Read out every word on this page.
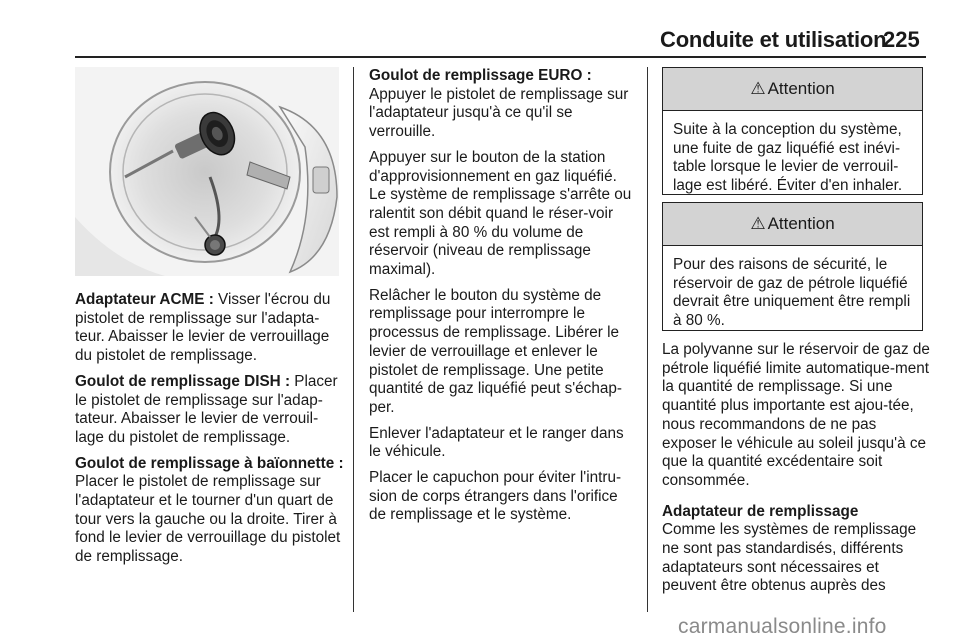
Conduite et utilisation
225

Adaptateur ACME : Visser l'écrou du pistolet de remplissage sur l'adapta-teur. Abaisser le levier de verrouillage du pistolet de remplissage.

Goulot de remplissage DISH : Placer le pistolet de remplissage sur l'adap-tateur. Abaisser le levier de verrouil-lage du pistolet de remplissage.

Goulot de remplissage à baïonnette : Placer le pistolet de remplissage sur l'adaptateur et le tourner d'un quart de tour vers la gauche ou la droite. Tirer à fond le levier de verrouillage du pistolet de remplissage.

Goulot de remplissage EURO :
Appuyer le pistolet de remplissage sur l'adaptateur jusqu'à ce qu'il se verrouille.

Appuyer sur le bouton de la station d'approvisionnement en gaz liquéfié. Le système de remplissage s'arrête ou ralentit son débit quand le réser-voir est rempli à 80 % du volume de réservoir (niveau de remplissage maximal).

Relâcher le bouton du système de remplissage pour interrompre le processus de remplissage. Libérer le levier de verrouillage et enlever le pistolet de remplissage. Une petite quantité de gaz liquéfié peut s'échap-per.

Enlever l'adaptateur et le ranger dans le véhicule.

Placer le capuchon pour éviter l'intru-sion de corps étrangers dans l'orifice de remplissage et le système.

⚠ Attention
Suite à la conception du système, une fuite de gaz liquéfié est inévi-table lorsque le levier de verrouil-lage est libéré. Éviter d'en inhaler.
⚠ Attention
Pour des raisons de sécurité, le réservoir de gaz de pétrole liquéfié devrait être uniquement être rempli à 80 %.

La polyvanne sur le réservoir de gaz de pétrole liquéfié limite automatique-ment la quantité de remplissage. Si une quantité plus importante est ajou-tée, nous recommandons de ne pas exposer le véhicule au soleil jusqu'à ce que la quantité excédentaire soit consommée.

Adaptateur de remplissage
Comme les systèmes de remplissage ne sont pas standardisés, différents adaptateurs sont nécessaires et peuvent être obtenus auprès des

carmanualsonline.info
